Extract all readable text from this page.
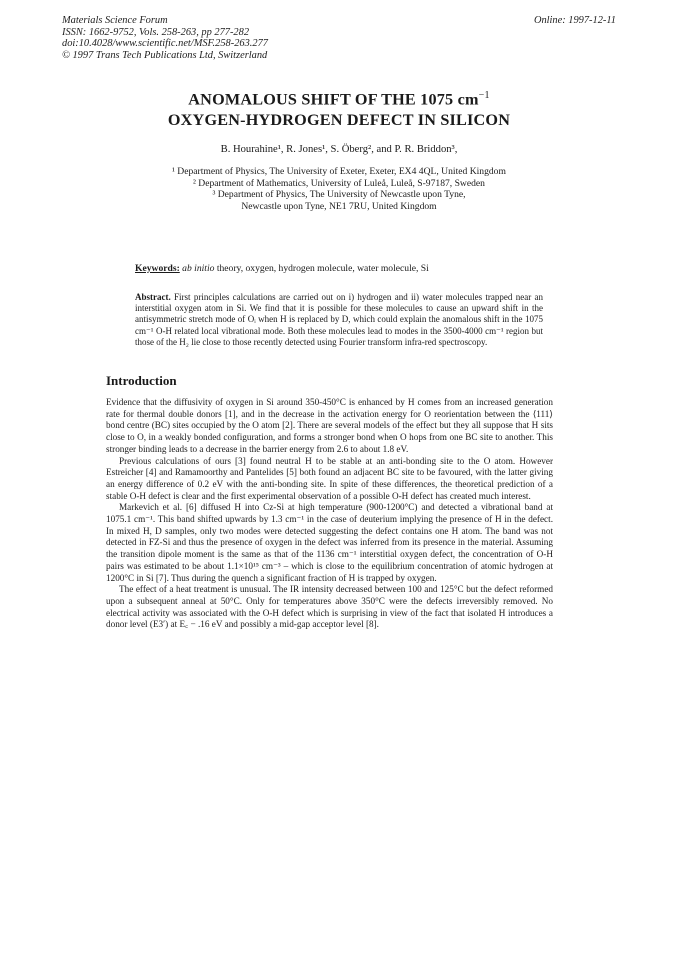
Materials Science Forum
ISSN: 1662-9752, Vols. 258-263, pp 277-282
doi:10.4028/www.scientific.net/MSF.258-263.277
© 1997 Trans Tech Publications Ltd, Switzerland
Online: 1997-12-11
ANOMALOUS SHIFT OF THE 1075 $cm^{-1}$
OXYGEN-HYDROGEN DEFECT IN SILICON
B. Hourahine¹, R. Jones¹, S. Öberg², and P. R. Briddon³,
¹ Department of Physics, The University of Exeter, Exeter, EX4 4QL, United Kingdom
² Department of Mathematics, University of Luleå, Luleå, S-97187, Sweden
³ Department of Physics, The University of Newcastle upon Tyne,
Newcastle upon Tyne, NE1 7RU, United Kingdom
Keywords: ab initio theory, oxygen, hydrogen molecule, water molecule, Si
Abstract. First principles calculations are carried out on i) hydrogen and ii) water molecules trapped near an interstitial oxygen atom in Si. We find that it is possible for these molecules to cause an upward shift in the antisymmetric stretch mode of Oᵢ when H is replaced by D, which could explain the anomalous shift in the 1075 cm⁻¹ O-H related local vibrational mode. Both these molecules lead to modes in the 3500-4000 cm⁻¹ region but those of the H₂ lie close to those recently detected using Fourier transform infra-red spectroscopy.
Introduction

Evidence that the diffusivity of oxygen in Si around 350-450°C is enhanced by H comes from an increased generation rate for thermal double donors [1], and in the decrease in the activation energy for O reorientation between the ⟨111⟩ bond centre (BC) sites occupied by the O atom [2]. There are several models of the effect but they all suppose that H sits close to O, in a weakly bonded configuration, and forms a stronger bond when O hops from one BC site to another. This stronger binding leads to a decrease in the barrier energy from 2.6 to about 1.8 eV.

Previous calculations of ours [3] found neutral H to be stable at an anti-bonding site to the O atom. However Estreicher [4] and Ramamoorthy and Pantelides [5] both found an adjacent BC site to be favoured, with the latter giving an energy difference of 0.2 eV with the anti-bonding site. In spite of these differences, the theoretical prediction of a stable O-H defect is clear and the first experimental observation of a possible O-H defect has created much interest.

Markevich et al. [6] diffused H into Cz-Si at high temperature (900-1200°C) and detected a vibrational band at 1075.1 cm⁻¹. This band shifted upwards by 1.3 cm⁻¹ in the case of deuterium implying the presence of H in the defect. In mixed H, D samples, only two modes were detected suggesting the defect contains one H atom. The band was not detected in FZ-Si and thus the presence of oxygen in the defect was inferred from its presence in the material. Assuming the transition dipole moment is the same as that of the 1136 cm⁻¹ interstitial oxygen defect, the concentration of O-H pairs was estimated to be about 1.1×10¹⁵ cm⁻³ – which is close to the equilibrium concentration of atomic hydrogen at 1200°C in Si [7]. Thus during the quench a significant fraction of H is trapped by oxygen.

The effect of a heat treatment is unusual. The IR intensity decreased between 100 and 125°C but the defect reformed upon a subsequent anneal at 50°C. Only for temperatures above 350°C were the defects irreversibly removed. No electrical activity was associated with the O-H defect which is surprising in view of the fact that isolated H introduces a donor level (E3′) at E꜀ − .16 eV and possibly a mid-gap acceptor level [8].
